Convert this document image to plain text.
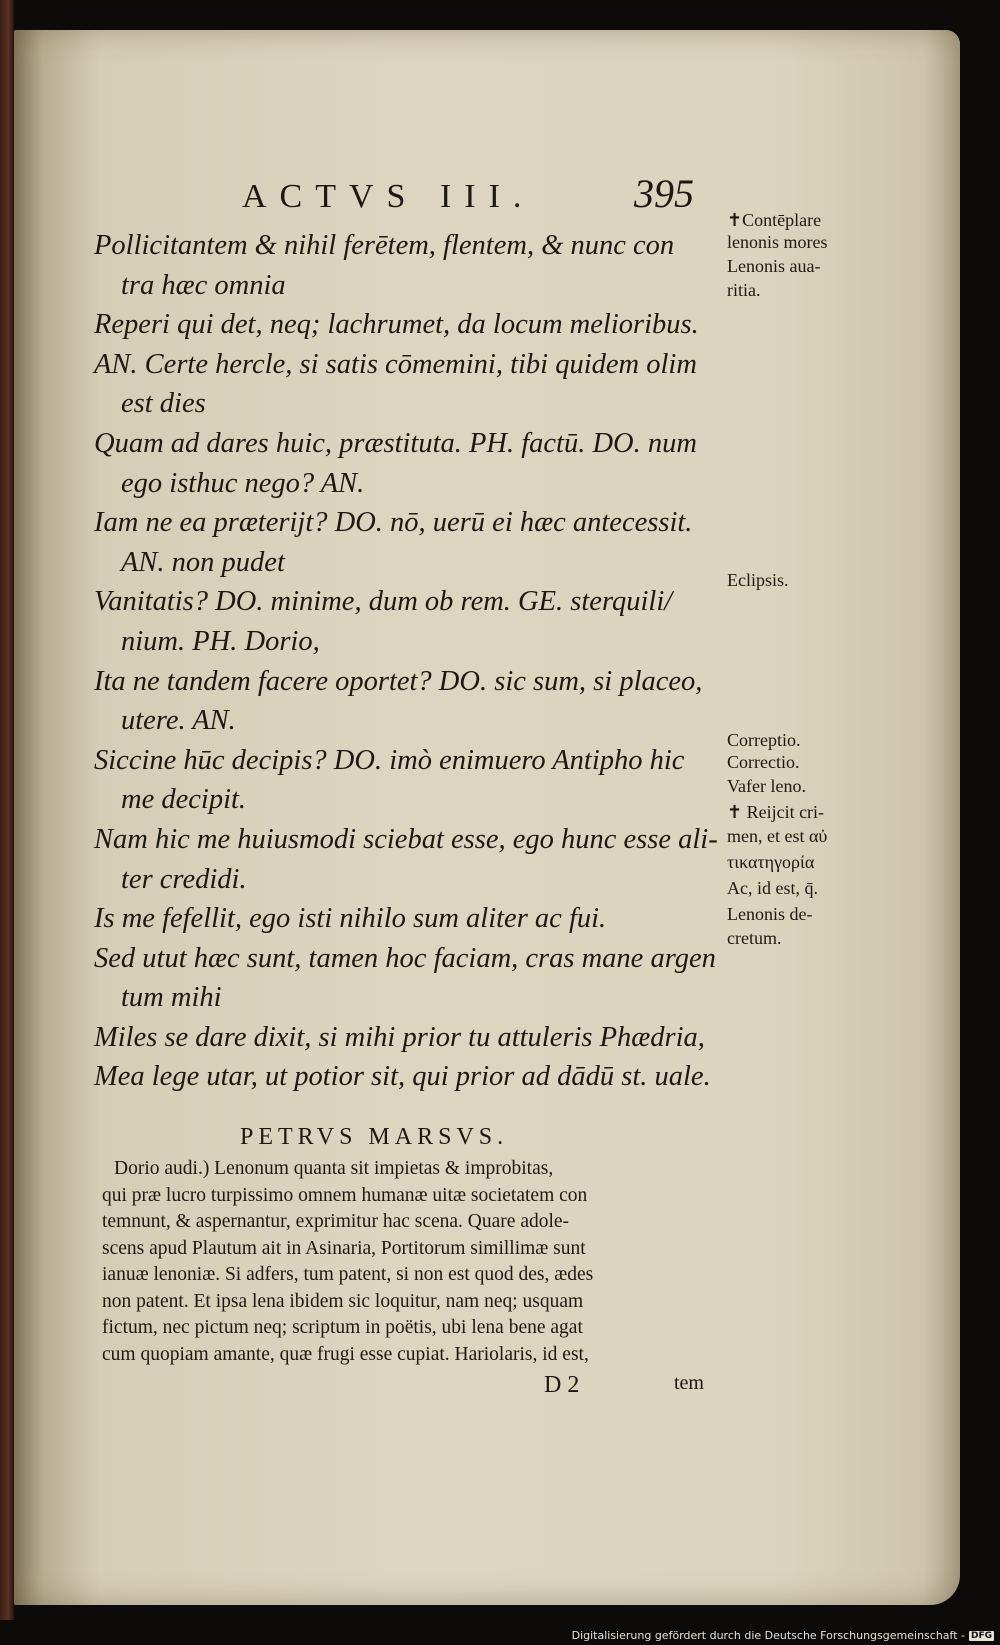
ACTVS III. 395
Pollicitantem & nihil ferētem, flentem, & nunc con
tra hæc omnia
Reperi qui det, neq; lachrumet, da locum melioribus.
AN. Certe hercle, si satis cōmemini, tibi quidem olim
est dies
Quam ad dares huic, præstituta. PH. factū. DO. num
ego isthuc nego? AN.
Iam ne ea præterijt? DO. nō, uerū ei hæc antecessit.
AN. non pudet
Vanitatis? DO. minime, dum ob rem. GE. sterquili/
nium. PH. Dorio,
Ita ne tandem facere oportet? DO. sic sum, si placeo,
utere. AN.
Siccine hūc decipis? DO. imò enimuero Antipho hic
me decipit.
Nam hic me huiusmodi sciebat esse, ego hunc esse ali-
ter credidi.
Is me fefellit, ego isti nihilo sum aliter ac fui.
Sed utut hæc sunt, tamen hoc faciam, cras mane argen
tum mihi
Miles se dare dixit, si mihi prior tu attuleris Phædria,
Mea lege utar, ut potior sit, qui prior ad dādū st. uale.
✝Contēplare
lenonis mores
Lenonis aua-
ritia.
Eclipsis.
Correptio.
Correctio.
Vafer leno.
✝ Reijcit cri-
men, et est αὐ
τικατηγορία
Ac, id est, q̄.
Lenonis de-
cretum.
PETRVS MARSVS.
Dorio audi.) Lenonum quanta sit impietas & improbitas,
qui præ lucro turpissimo omnem humanæ uitæ societatem con
temnunt, & aspernantur, exprimitur hac scena. Quare adole-
scens apud Plautum ait in Asinaria, Portitorum simillimæ sunt
ianuæ lenoniæ. Si adfers, tum patent, si non est quod des, ædes
non patent. Et ipsa lena ibidem sic loquitur, nam neq; usquam
fictum, nec pictum neq; scriptum in poëtis, ubi lena bene agat
cum quopiam amante, quæ frugi esse cupiat. Hariolaris, id est,
D 2	tem
Digitalisierung gefördert durch die Deutsche Forschungsgemeinschaft - DFG
